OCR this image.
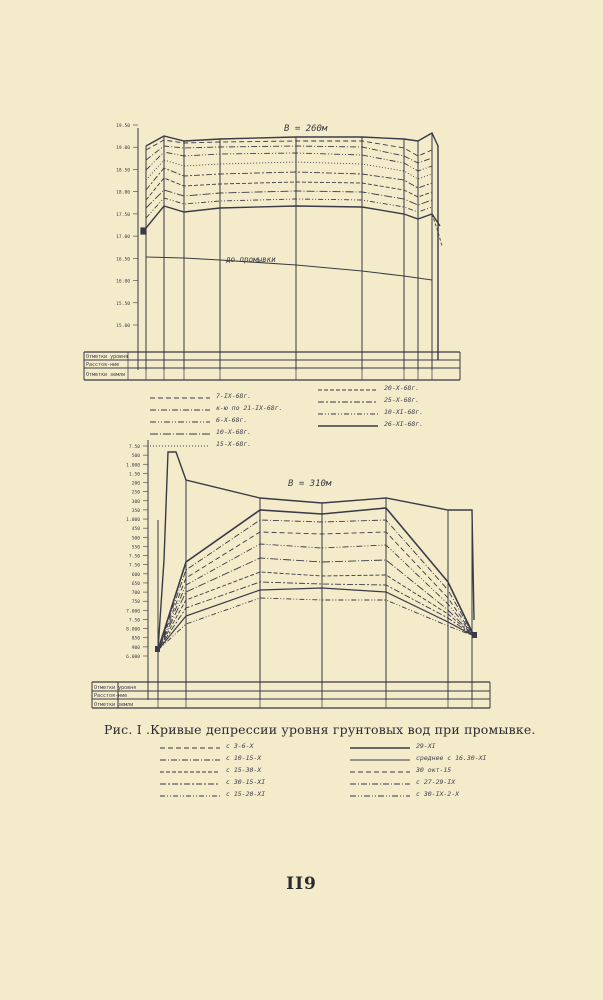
19.50
19.00
18.50
18.00
17.50
17.00
16.50
16.00
15.50
15.00
B = 260м
до промывки
Отметки уровня
Расстоя-ние
Отметки земли
7-IX-68г.
к-ю по 21-IX-68г.
6-X-68г.
10-X-68г.
15-X-68г.
20-X-68г.
25-X-68г.
10-XI-68г.
26-XI-68г.
7.50
500
1.000
1.50
200
250
300
350
1.000
450
500
550
7.50
7.50
600
650
700
750
7.000
7.50
8.000
850
900
6.000
B = 310м
Отметки уровня
Расстоя-ние
Отметки земли
Рис. I .Кривые депрессии уровня грунтовых вод при промывке.
c 3-6-X
c 10-15-X
c 15-30-X
c 30-15-XI
c 15-20-XI
29-XI
среднее c 16.30-XI
30 окт-15
c 27-29-IX
c 30-IX-2-X
II9
